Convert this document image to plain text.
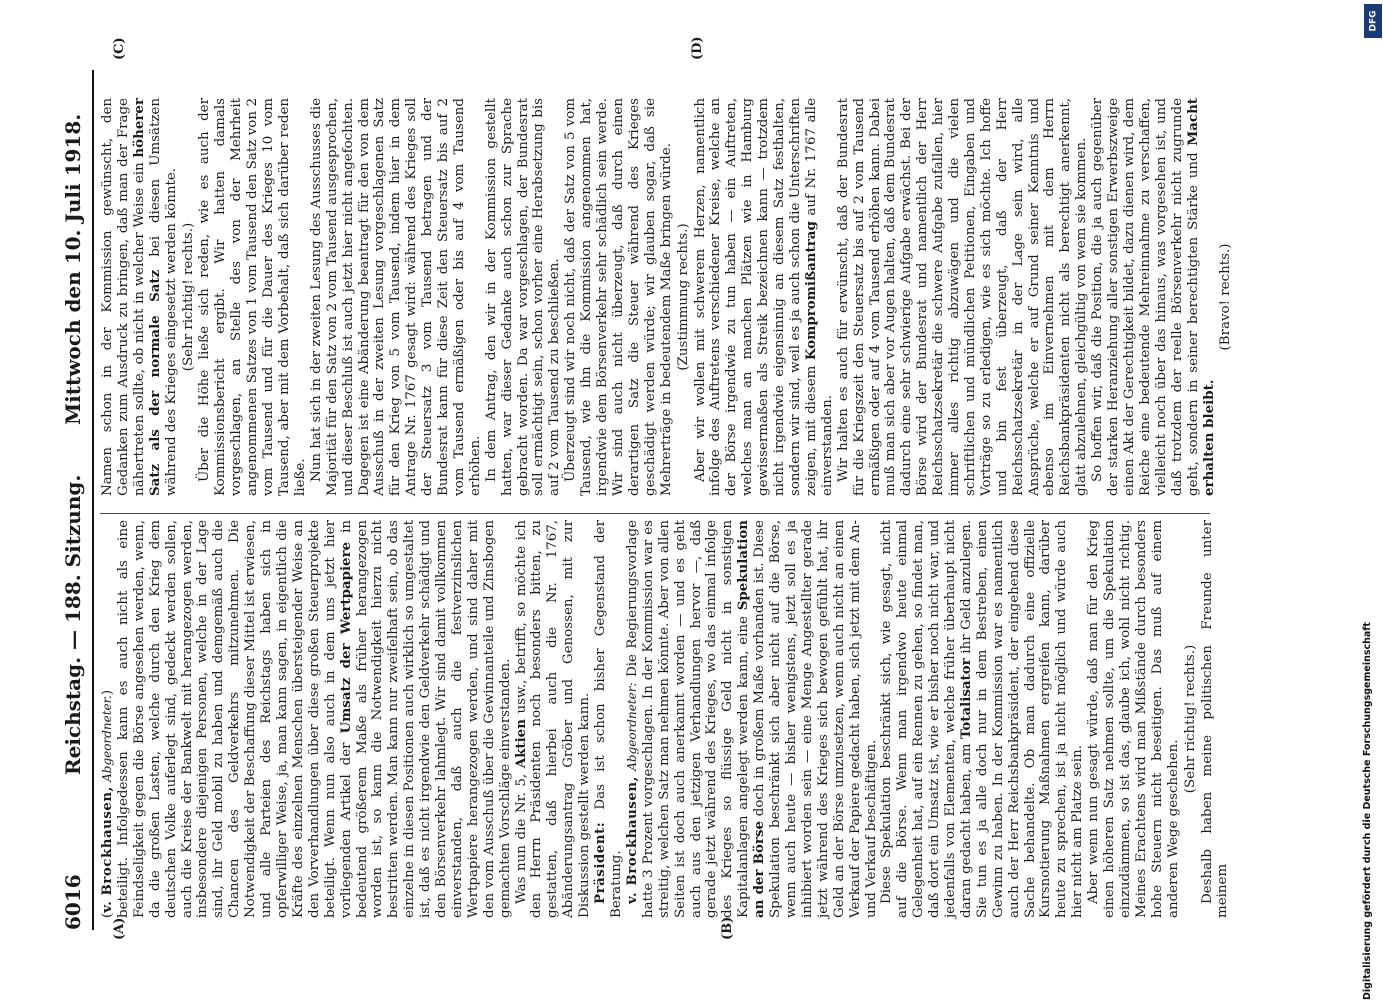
6016
Reichstag. — 188. Sitzung.
Mittwoch den 10. Juli 1918.
(A)	(B)
(C)	(D)

(v. Brockhausen, Abgeordneter.) beteiligt. Infolgedessen kann es auch nicht als eine Feindseligkeit gegen die Börse angesehen werden, wenn, da die großen Lasten, welche durch den Krieg dem deutschen Volke auferlegt sind, gedeckt werden sollen, auch die Kreise der Bankwelt mit herangezogen werden, insbesondere diejenigen Personen, welche in der Lage sind, ihr Geld mobil zu haben und demgemäß auch die Chancen des Geldverkehrs mitzunehmen. Die Notwendigkeit der Beschaffung dieser Mittel ist erwiesen, und alle Parteien des Reichstags haben sich in opferwilliger Weise, ja, man kann sagen, in eigentlich die Kräfte des einzelnen Menschen übersteigender Weise an den Vorverhandlungen über diese großen Steuerprojekte beteiligt. Wenn nun also auch in dem uns jetzt hier vorliegenden Artikel der Umsatz der Wertpapiere in bedeutend größerem Maße als früher herangezogen worden ist, so kann die Notwendigkeit hierzu nicht bestritten werden. Man kann nur zweifelhaft sein, ob das einzelne in diesen Positionen auch wirklich so umgestaltet ist, daß es nicht irgendwie den Geldverkehr schädigt und den Börsenverkehr lahmlegt. Wir sind damit vollkommen einverstanden, daß auch die festverzinslichen Wertpapiere herangezogen werden, und sind daher mit den vom Ausschuß über die Gewinnanteile und Zinsbogen gemachten Vorschläge einverstanden. Was nun die Nr. 5, Aktien usw., betrifft, so möchte ich den Herrn Präsidenten noch besonders bitten, zu gestatten, daß hierbei auch die Nr. 1767, Abänderungsantrag Gröber und Genossen, mit zur Diskussion gestellt werden kann. Präsident: Das ist schon bisher Gegenstand der Beratung. v. Brockhausen, Abgeordneter: Die Regierungsvorlage hatte 3 Prozent vorgeschlagen. In der Kommission war es streitig, welchen Satz man nehmen könnte. Aber von allen Seiten ist doch auch anerkannt worden — und es geht auch aus den jetzigen Verhandlungen hervor —, daß gerade jetzt während des Krieges, wo das einmal infolge des Krieges so flüssige Geld nicht in sonstigen Kapitalanlagen angelegt werden kann, eine Spekulation an der Börse doch in großem Maße vorhanden ist. Diese Spekulation beschränkt sich aber nicht auf die Börse, wenn auch heute — bisher wenigstens, jetzt soll es ja inhibiert worden sein — eine Menge Angestellter gerade jetzt während des Krieges sich bewogen gefühlt hat, ihr Geld an der Börse umzusetzen, wenn auch nicht an einen Verkauf der Papiere gedacht haben, sich jetzt mit dem An- und Verkauf beschäftigen. Diese Spekulation beschränkt sich, wie gesagt, nicht auf die Börse. Wenn man irgendwo heute einmal Gelegenheit hat, auf ein Rennen zu gehen, so findet man, daß dort ein Umsatz ist, wie er bisher noch nicht war, und jedenfalls von Elementen, welche früher überhaupt nicht daran gedacht haben, am Totalisator ihr Geld anzulegen. Sie tun es ja alle doch nur in dem Bestreben, einen Gewinn zu haben. In der Kommission war es namentlich auch der Herr Reichsbankpräsident, der eingehend diese Sache behandelte. Ob man dadurch eine offizielle Kursnotierung Maßnahmen ergreifen kann, darüber heute zu sprechen, ist ja nicht möglich und würde auch hier nicht am Platze sein. Aber wenn nun gesagt würde, daß man für den Krieg einen höheren Satz nehmen sollte, um die Spekulation einzudämmen, so ist das, glaube ich, wohl nicht richtig. Meines Erachtens wird man Mißstände durch besonders hohe Steuern nicht beseitigen. Das muß auf einem anderen Wege geschehen.

(Sehr richtig! rechts.) Deshalb haben meine politischen Freunde unter meinem

Namen schon in der Kommission gewünscht, den Gedanken zum Ausdruck zu bringen, daß man der Frage nähertreten sollte, ob nicht in welcher Weise ein höherer Satz als der normale Satz bei diesen Umsätzen während des Krieges eingesetzt werden könnte. (Sehr richtig! rechts.) Über die Höhe ließe sich reden, wie es auch der Kommissionsbericht ergibt. Wir hatten damals vorgeschlagen, an Stelle des von der Mehrheit angenommenen Satzes von 1 vom Tausend den Satz von 2 vom Tausend und für die Dauer des Krieges 10 vom Tausend, aber mit dem Vorbehalt, daß sich darüber reden ließe. Nun hat sich in der zweiten Lesung des Ausschusses die Majorität für den Satz von 2 vom Tausend ausgesprochen, und dieser Beschluß ist auch jetzt hier nicht angefochten. Dagegen ist eine Abänderung beantragt für den von dem Ausschuß in der zweiten Lesung vorgeschlagenen Satz für den Krieg von 5 vom Tausend, indem hier in dem Antrage Nr. 1767 gesagt wird: während des Krieges soll der Steuersatz 3 vom Tausend betragen und der Bundesrat kann für diese Zeit den Steuersatz bis auf 2 vom Tausend ermäßigen oder bis auf 4 vom Tausend erhöhen. In dem Antrag, den wir in der Kommission gestellt hatten, war dieser Gedanke auch schon zur Sprache gebracht worden. Da war vorgeschlagen, der Bundesrat soll ermächtigt sein, schon vorher eine Herabsetzung bis auf 2 vom Tausend zu beschließen. Überzeugt sind wir noch nicht, daß der Satz von 5 vom Tausend, wie ihn die Kommission angenommen hat, irgendwie dem Börsenverkehr sehr schädlich sein werde. Wir sind auch nicht überzeugt, daß durch einen derartigen Satz die Steuer während des Krieges geschädigt werden würde; wir glauben sogar, daß sie Mehrerträge in bedeutendem Maße bringen würde. (Zustimmung rechts.) Aber wir wollen mit schwerem Herzen, namentlich infolge des Auftretens verschiedener Kreise, welche an der Börse irgendwie zu tun haben — ein Auftreten, welches man an manchen Plätzen wie in Hamburg gewissermaßen als Streik bezeichnen kann — trotzdem nicht irgendwie eigensinnig an diesem Satz festhalten, sondern wir sind, weil es ja auch schon die Unterschriften zeigen, mit diesem Kompromißantrag auf Nr. 1767 alle einverstanden. Wir halten es auch für erwünscht, daß der Bundesrat für die Kriegszeit den Steuersatz bis auf 2 vom Tausend ermäßigen oder auf 4 vom Tausend erhöhen kann. Dabei muß man sich aber vor Augen halten, daß dem Bundesrat dadurch eine sehr schwierige Aufgabe erwächst. Bei der Börse wird der Bundesrat und namentlich der Herr Reichsschatzsekretär die schwere Aufgabe zufallen, hier immer alles richtig abzuwägen und die vielen schriftlichen und mündlichen Petitionen, Eingaben und Vorträge so zu erledigen, wie es sich möchte. Ich hoffe und bin fest überzeugt, daß der Herr Reichsschatzsekretär in der Lage sein wird, alle Ansprüche, welche er auf Grund seiner Kenntnis und ebenso im Einvernehmen mit dem Herrn Reichsbankpräsidenten nicht als berechtigt anerkennt, glatt abzulehnen, gleichgültig von wem sie kommen. So hoffen wir, daß die Position, die ja auch gegenüber der starken Heranziehung aller sonstigen Erwerbszweige einen Akt der Gerechtigkeit bildet, dazu dienen wird, dem Reiche eine bedeutende Mehreinnahme zu verschaffen, vielleicht noch über das hinaus, was vorgesehen ist, und daß trotzdem der reelle Börsenverkehr nicht zugrunde geht, sondern in seiner berechtigten Stärke und Macht erhalten bleibt.

(Bravo! rechts.)

DFG
Digitalisierung gefördert durch die Deutsche Forschungsgemeinschaft
